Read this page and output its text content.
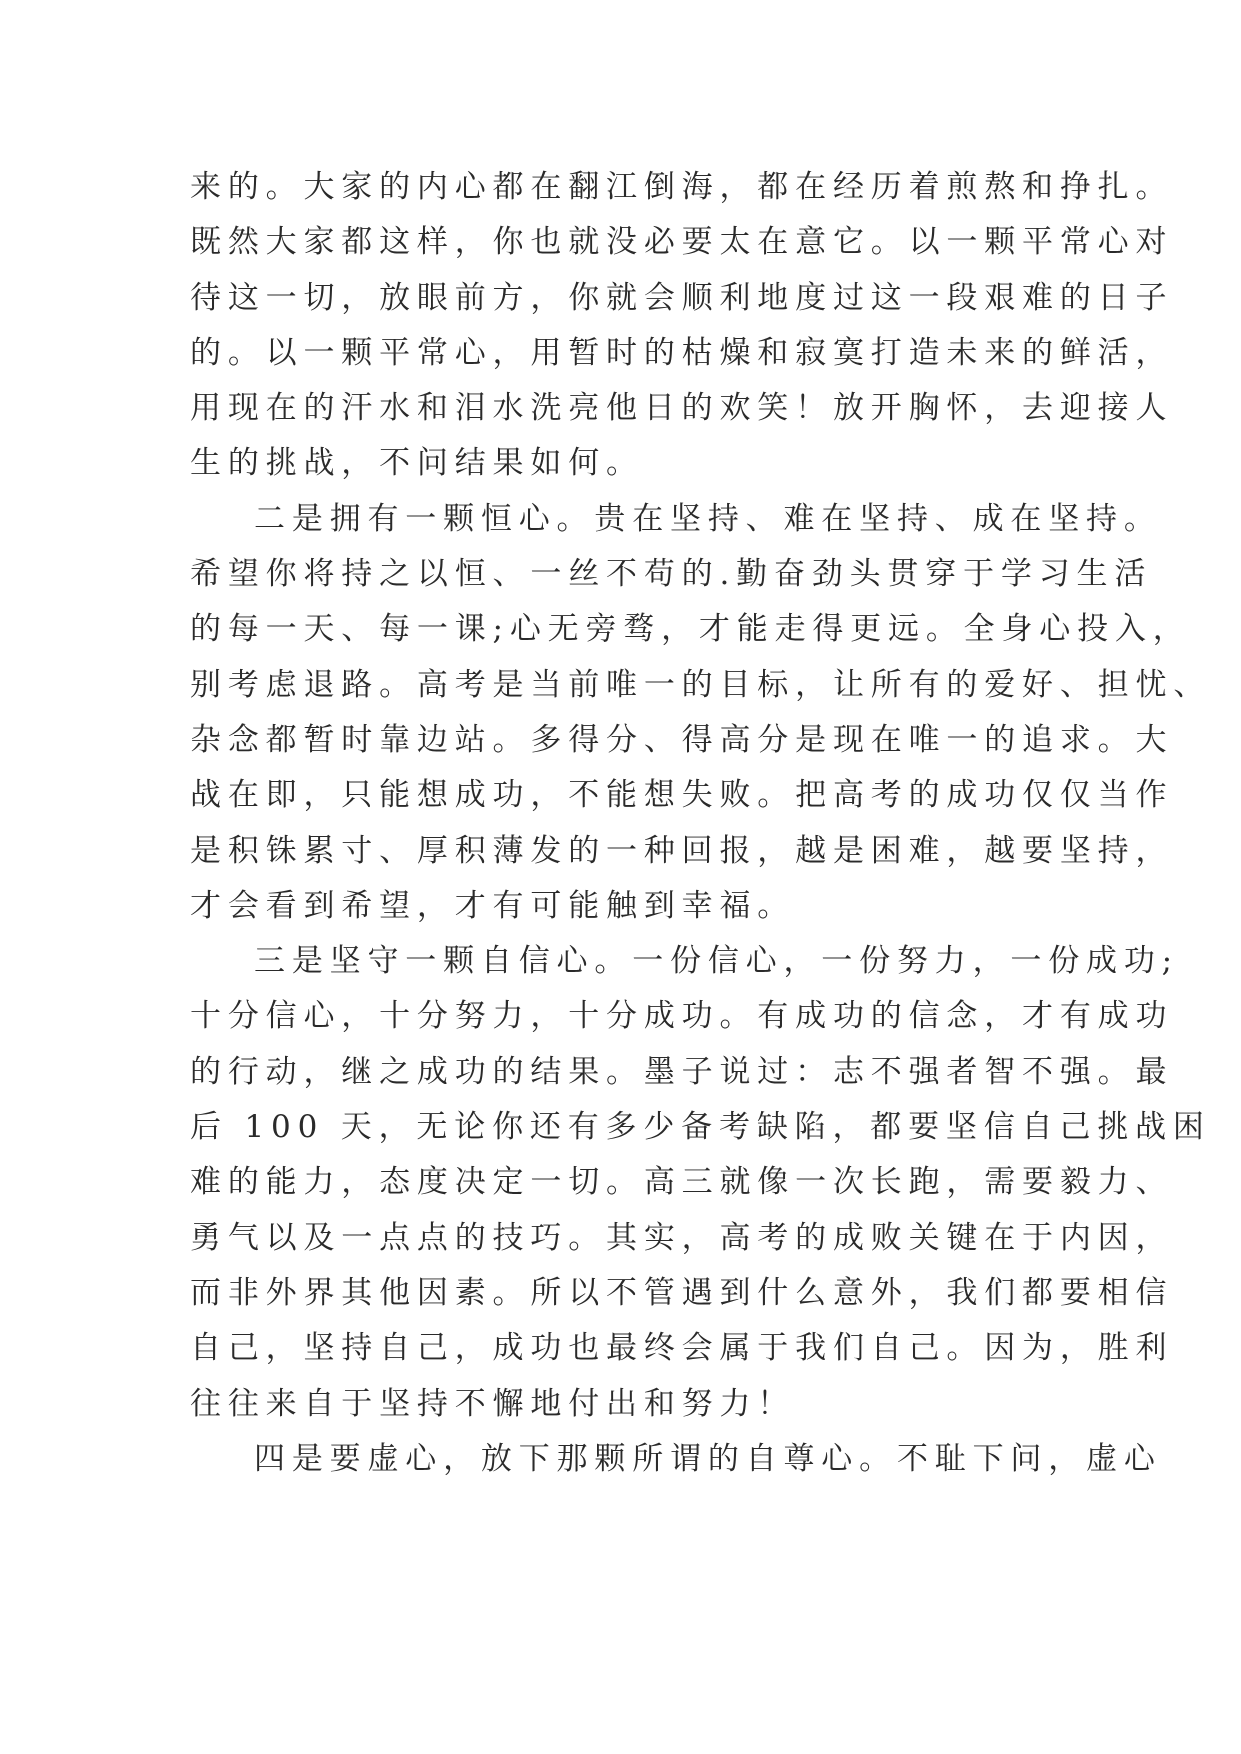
来的。大家的内心都在翻江倒海，都在经历着煎熬和挣扎。
既然大家都这样，你也就没必要太在意它。以一颗平常心对
待这一切，放眼前方，你就会顺利地度过这一段艰难的日子
的。以一颗平常心，用暂时的枯燥和寂寞打造未来的鲜活，
用现在的汗水和泪水洗亮他日的欢笑！放开胸怀，去迎接人
生的挑战，不问结果如何。
二是拥有一颗恒心。贵在坚持、难在坚持、成在坚持。
希望你将持之以恒、一丝不苟的.勤奋劲头贯穿于学习生活
的每一天、每一课;心无旁骛，才能走得更远。全身心投入，
别考虑退路。高考是当前唯一的目标，让所有的爱好、担忧、
杂念都暂时靠边站。多得分、得高分是现在唯一的追求。大
战在即，只能想成功，不能想失败。把高考的成功仅仅当作
是积铢累寸、厚积薄发的一种回报，越是困难，越要坚持，
才会看到希望，才有可能触到幸福。
三是坚守一颗自信心。一份信心，一份努力，一份成功;
十分信心，十分努力，十分成功。有成功的信念，才有成功
的行动，继之成功的结果。墨子说过：志不强者智不强。最
后 100 天，无论你还有多少备考缺陷，都要坚信自己挑战困
难的能力，态度决定一切。高三就像一次长跑，需要毅力、
勇气以及一点点的技巧。其实，高考的成败关键在于内因，
而非外界其他因素。所以不管遇到什么意外，我们都要相信
自己，坚持自己，成功也最终会属于我们自己。因为，胜利
往往来自于坚持不懈地付出和努力！
四是要虚心，放下那颗所谓的自尊心。不耻下问，虚心
